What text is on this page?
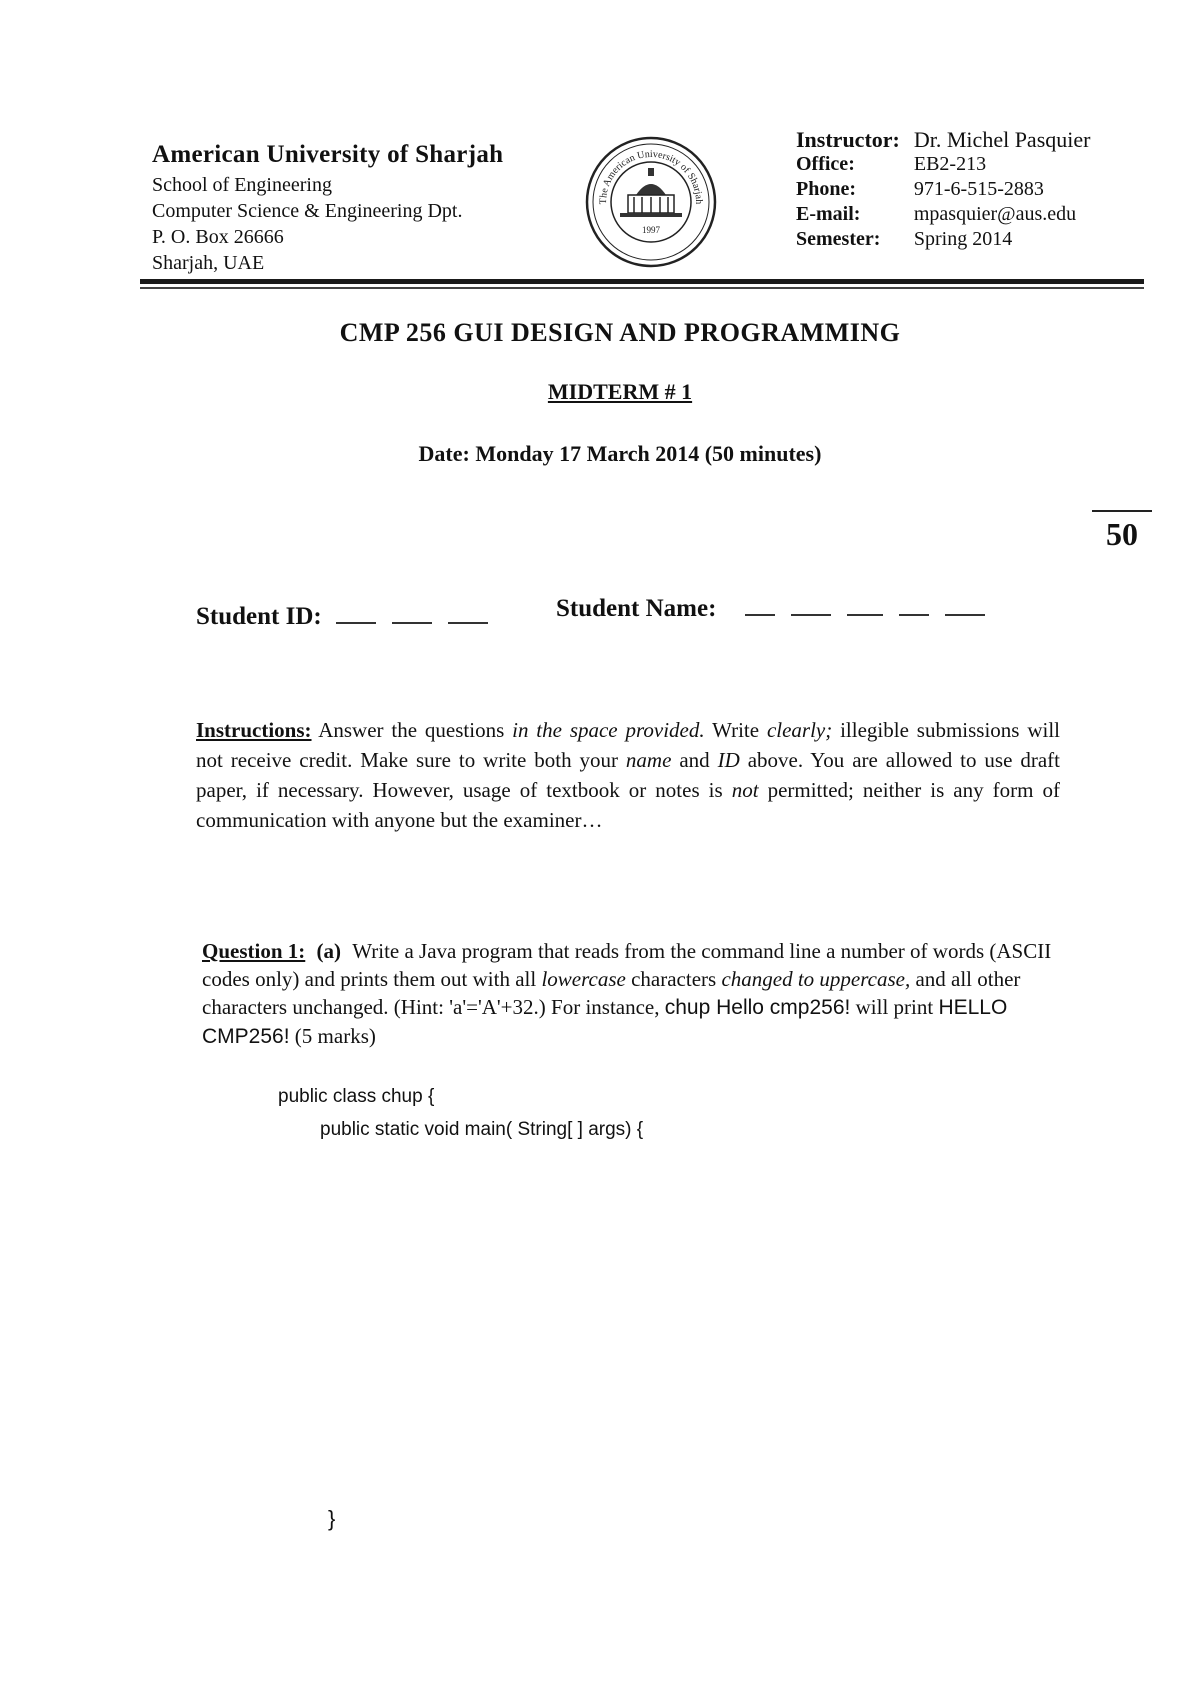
American University of Sharjah
School of Engineering
Computer Science & Engineering Dpt.
P. O. Box 26666
Sharjah, UAE
The American University of Sharjah
1997
Instructor:	Dr. Michel Pasquier
Office:	EB2-213
Phone:	971-6-515-2883
E-mail:	mpasquier@aus.edu
Semester:	Spring 2014
CMP 256 GUI DESIGN AND PROGRAMMING
MIDTERM # 1
Date: Monday 17 March 2014 (50 minutes)
50
Student ID:	Student Name:
Instructions: Answer the questions in the space provided. Write clearly; illegible submissions will not receive credit. Make sure to write both your name and ID above. You are allowed to use draft paper, if necessary. However, usage of textbook or notes is not permitted; neither is any form of communication with anyone but the examiner…
Question 1: (a) Write a Java program that reads from the command line a number of words (ASCII codes only) and prints them out with all lowercase characters changed to uppercase, and all other characters unchanged. (Hint: 'a'='A'+32.) For instance, chup Hello cmp256! will print HELLO CMP256! (5 marks)
public class chup {
public static void main( String[ ] args) {
}
